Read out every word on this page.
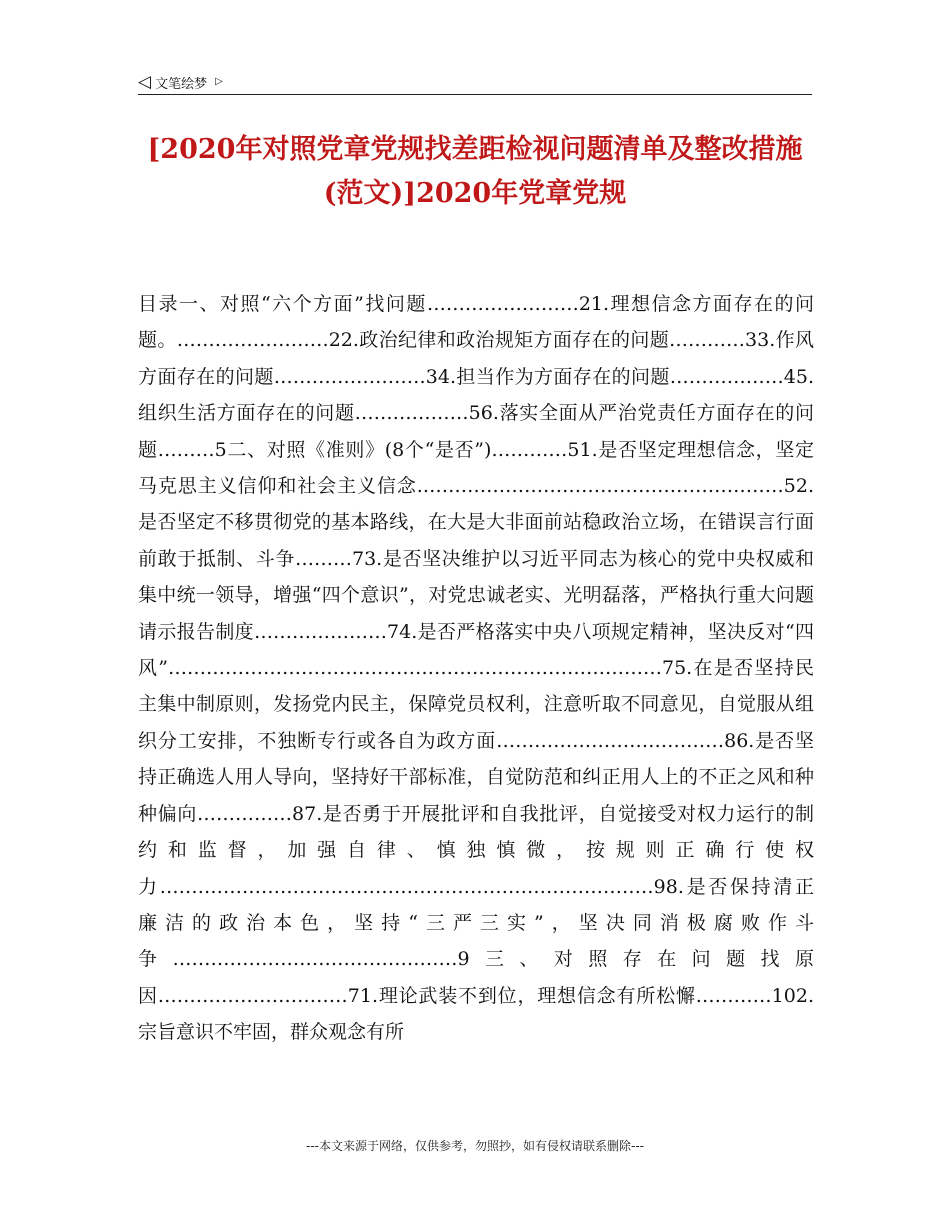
◁ 文笔绘梦 ▷
[2020年对照党章党规找差距检视问题清单及整改措施(范文)]2020年党章党规

目录一、对照“六个方面”找问题……………………21.理想信念方面存在的问题。……………………22.政治纪律和政治规矩方面存在的问题…………33.作风方面存在的问题……………………34.担当作为方面存在的问题………………45.组织生活方面存在的问题………………56.落实全面从严治党责任方面存在的问题………5二、对照《准则》(8个“是否”)…………51.是否坚定理想信念，坚定马克思主义信仰和社会主义信念.…………………………………………………52.是否坚定不移贯彻党的基本路线，在大是大非面前站稳政治立场，在错误言行面前敢于抵制、斗争………73.是否坚决维护以习近平同志为核心的党中央权威和集中统一领导，增强“四个意识”，对党忠诚老实、光明磊落，严格执行重大问题请示报告制度…………………74.是否严格落实中央八项规定精神，坚决反对“四风”……………………………………………………………………75.在是否坚持民主集中制原则，发扬党内民主，保障党员权利，注意听取不同意见，自觉服从组织分工安排，不独断专行或各自为政方面………………………………86.是否坚持正确选人用人导向，坚持好干部标准，自觉防范和纠正用人上的不正之风和种种偏向……………87.是否勇于开展批评和自我批评，自觉接受对权力运行的制约和监督，加强自律、慎独慎微，按规则正确行使权力……………………………………………………………………98.是否保持清正廉洁的政治本色，坚持“三严三实”，坚决同消极腐败作斗争………………………………………9三、对照存在问题找原因…………………………71.理论武装不到位，理想信念有所松懈…………102.宗旨意识不牢固，群众观念有所

---本文来源于网络，仅供参考，勿照抄，如有侵权请联系删除---
